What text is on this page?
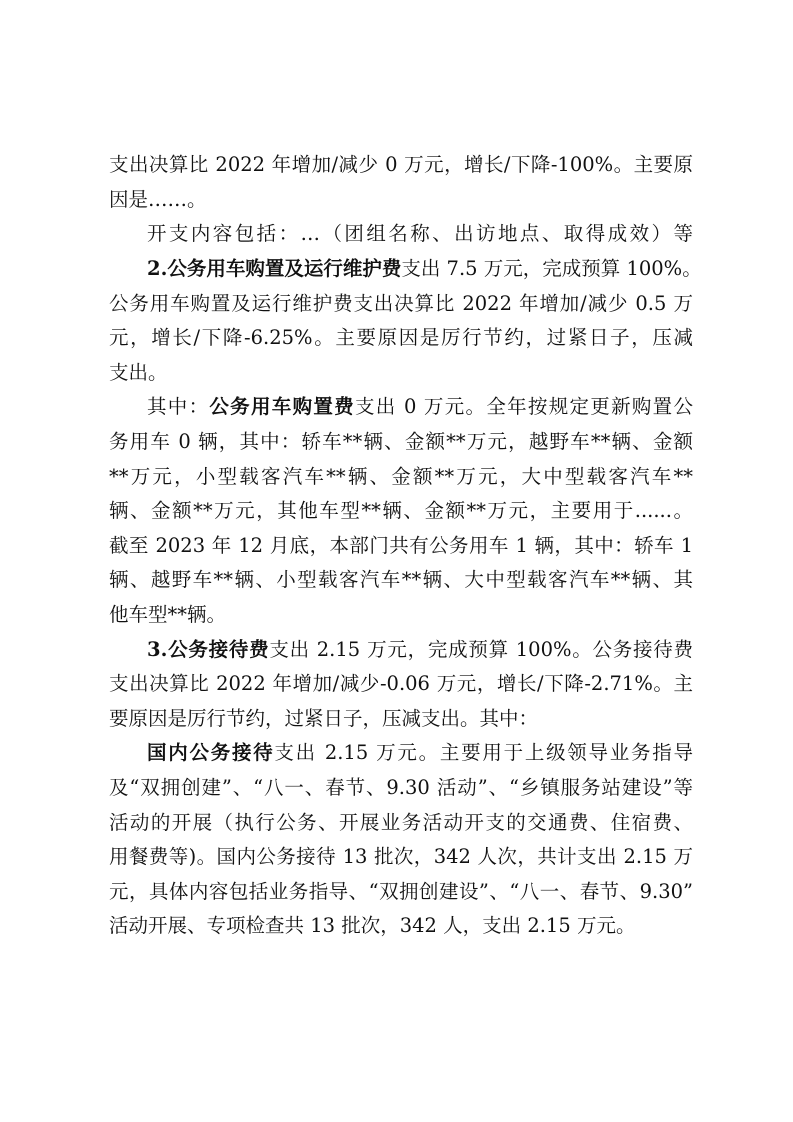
支出决算比 2022 年增加/减少 0 万元，增长/下降-100%。主要原
因是……。
开支内容包括：…（团组名称、出访地点、取得成效）等
2.公务用车购置及运行维护费支出 7.5 万元，完成预算 100%。
公务用车购置及运行维护费支出决算比 2022 年增加/减少 0.5 万
元，增长/下降-6.25%。主要原因是厉行节约，过紧日子，压减
支出。
其中：公务用车购置费支出 0 万元。全年按规定更新购置公
务用车 0 辆，其中：轿车**辆、金额**万元，越野车**辆、金额
**万元，小型载客汽车**辆、金额**万元，大中型载客汽车**
辆、金额**万元，其他车型**辆、金额**万元，主要用于......。
截至 2023 年 12 月底，本部门共有公务用车 1 辆，其中：轿车 1
辆、越野车**辆、小型载客汽车**辆、大中型载客汽车**辆、其
他车型**辆。
3.公务接待费支出 2.15 万元，完成预算 100%。公务接待费
支出决算比 2022 年增加/减少-0.06 万元，增长/下降-2.71%。主
要原因是厉行节约，过紧日子，压减支出。其中：
国内公务接待支出 2.15 万元。主要用于上级领导业务指导
及“双拥创建”、“八一、春节、9.30 活动”、“乡镇服务站建设”等
活动的开展（执行公务、开展业务活动开支的交通费、住宿费、
用餐费等)。国内公务接待 13 批次，342 人次，共计支出 2.15 万
元，具体内容包括业务指导、“双拥创建设”、“八一、春节、9.30”
活动开展、专项检查共 13 批次，342 人，支出 2.15 万元。
